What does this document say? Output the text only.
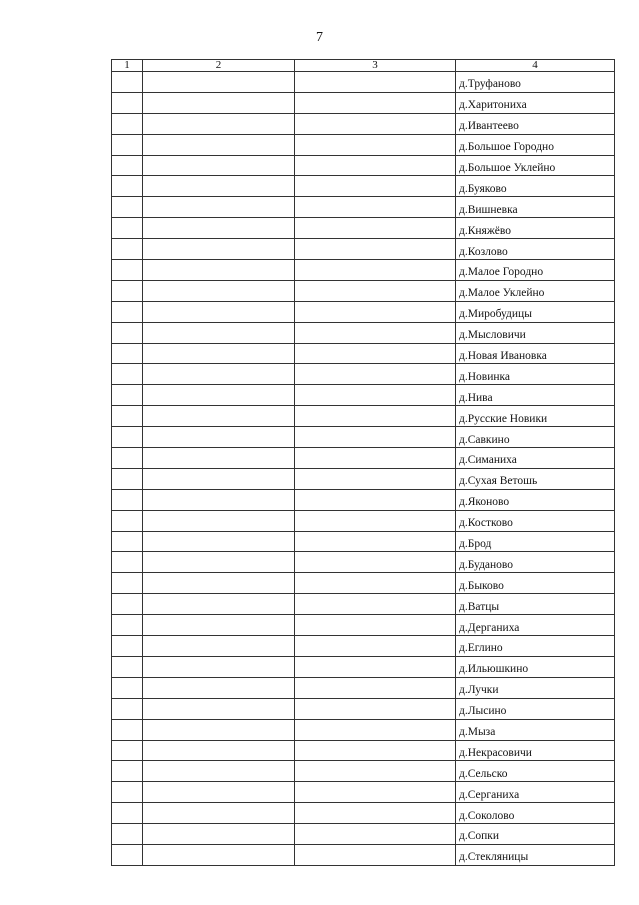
7
1	2	3	4
			д.Труфаново
			д.Харитониха
			д.Ивантеево
			д.Большое Городно
			д.Большое Уклейно
			д.Буяково
			д.Вишневка
			д.Княжёво
			д.Козлово
			д.Малое Городно
			д.Малое Уклейно
			д.Миробудицы
			д.Мысловичи
			д.Новая Ивановка
			д.Новинка
			д.Нива
			д.Русские Новики
			д.Савкино
			д.Симаниха
			д.Сухая Ветошь
			д.Яконово
			д.Костково
			д.Брод
			д.Буданово
			д.Быково
			д.Ватцы
			д.Дерганиха
			д.Еглино
			д.Ильюшкино
			д.Лучки
			д.Лысино
			д.Мыза
			д.Некрасовичи
			д.Сельско
			д.Серганиха
			д.Соколово
			д.Сопки
			д.Стекляницы
